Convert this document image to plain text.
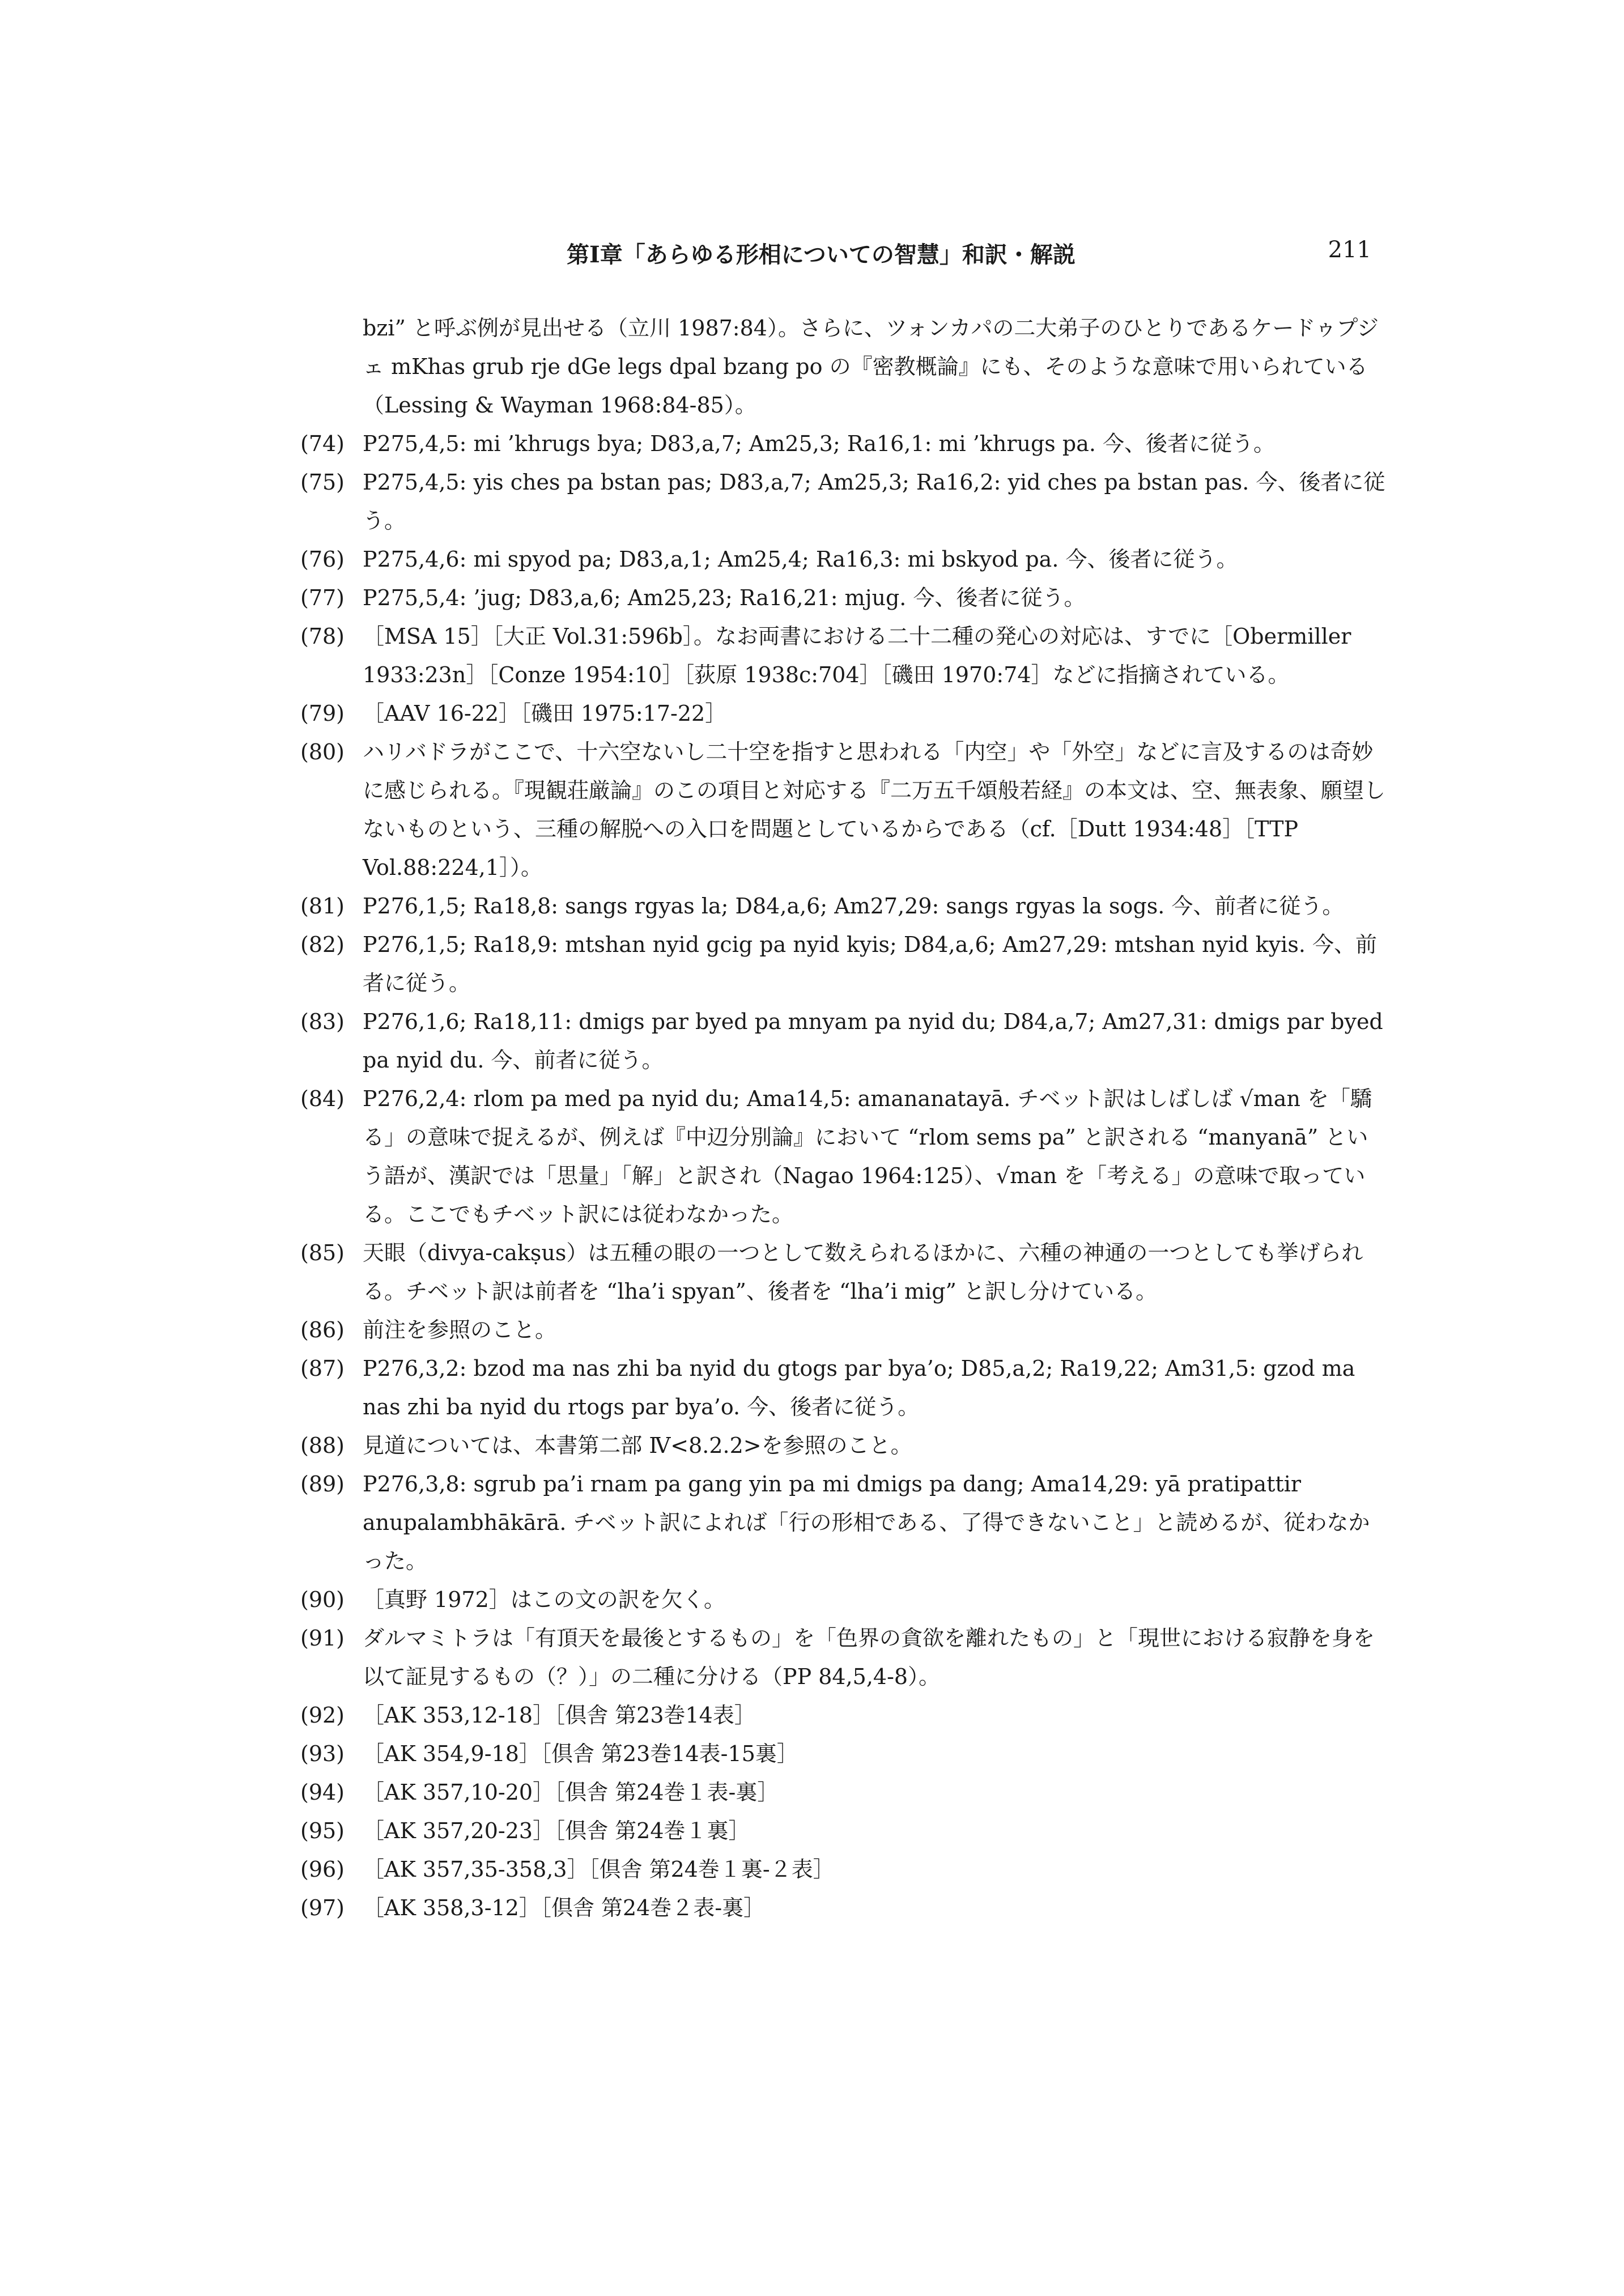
第Ⅰ章「あらゆる形相についての智慧」和訳・解説	211

bzi” と呼ぶ例が見出せる（立川 1987:84）。さらに、ツォンカパの二大弟子のひとりであるケードゥプジェ mKhas grub rje dGe legs dpal bzang po の『密教概論』にも、そのような意味で用いられている（Lessing & Wayman 1968:84-85）。

(74) P275,4,5: mi ’khrugs bya; D83,a,7; Am25,3; Ra16,1: mi ’khrugs pa. 今、後者に従う。
(75) P275,4,5: yis ches pa bstan pas; D83,a,7; Am25,3; Ra16,2: yid ches pa bstan pas. 今、後者に従う。
(76) P275,4,6: mi spyod pa; D83,a,1; Am25,4; Ra16,3: mi bskyod pa. 今、後者に従う。
(77) P275,5,4: ’jug; D83,a,6; Am25,23; Ra16,21: mjug. 今、後者に従う。
(78) ［MSA 15］［大正 Vol.31:596b］。なお両書における二十二種の発心の対応は、すでに［Obermiller 1933:23n］［Conze 1954:10］［荻原 1938c:704］［磯田 1970:74］などに指摘されている。
(79) ［AAV 16-22］［磯田 1975:17-22］
(80) ハリバドラがここで、十六空ないし二十空を指すと思われる「内空」や「外空」などに言及するのは奇妙に感じられる。『現観荘厳論』のこの項目と対応する『二万五千頌般若経』の本文は、空、無表象、願望しないものという、三種の解脱への入口を問題としているからである（cf.［Dutt 1934:48］［TTP Vol.88:224,1］）。
(81) P276,1,5; Ra18,8: sangs rgyas la; D84,a,6; Am27,29: sangs rgyas la sogs. 今、前者に従う。
(82) P276,1,5; Ra18,9: mtshan nyid gcig pa nyid kyis; D84,a,6; Am27,29: mtshan nyid kyis. 今、前者に従う。
(83) P276,1,6; Ra18,11: dmigs par byed pa mnyam pa nyid du; D84,a,7; Am27,31: dmigs par byed pa nyid du. 今、前者に従う。
(84) P276,2,4: rlom pa med pa nyid du; Ama14,5: amananatayā. チベット訳はしばしば √man を「驕る」の意味で捉えるが、例えば『中辺分別論』において “rlom sems pa” と訳される “manyanā” という語が、漢訳では「思量」「解」と訳され（Nagao 1964:125）、√man を「考える」の意味で取っている。ここでもチベット訳には従わなかった。
(85) 天眼（divya-cakṣus）は五種の眼の一つとして数えられるほかに、六種の神通の一つとしても挙げられる。チベット訳は前者を “lha’i spyan”、後者を “lha’i mig” と訳し分けている。
(86) 前注を参照のこと。
(87) P276,3,2: bzod ma nas zhi ba nyid du gtogs par bya’o; D85,a,2; Ra19,22; Am31,5: gzod ma nas zhi ba nyid du rtogs par bya’o. 今、後者に従う。
(88) 見道については、本書第二部 Ⅳ<8.2.2>を参照のこと。
(89) P276,3,8: sgrub pa’i rnam pa gang yin pa mi dmigs pa dang; Ama14,29: yā pratipattir anupalambhākārā. チベット訳によれば「行の形相である、了得できないこと」と読めるが、従わなかった。
(90) ［真野 1972］はこの文の訳を欠く。
(91) ダルマミトラは「有頂天を最後とするもの」を「色界の貪欲を離れたもの」と「現世における寂静を身を以て証見するもの（？）」の二種に分ける（PP 84,5,4-8）。
(92) ［AK 353,12-18］［倶舎 第23巻14表］
(93) ［AK 354,9-18］［倶舎 第23巻14表-15裏］
(94) ［AK 357,10-20］［倶舎 第24巻１表-裏］
(95) ［AK 357,20-23］［倶舎 第24巻１裏］
(96) ［AK 357,35-358,3］［倶舎 第24巻１裏-２表］
(97) ［AK 358,3-12］［倶舎 第24巻２表-裏］
